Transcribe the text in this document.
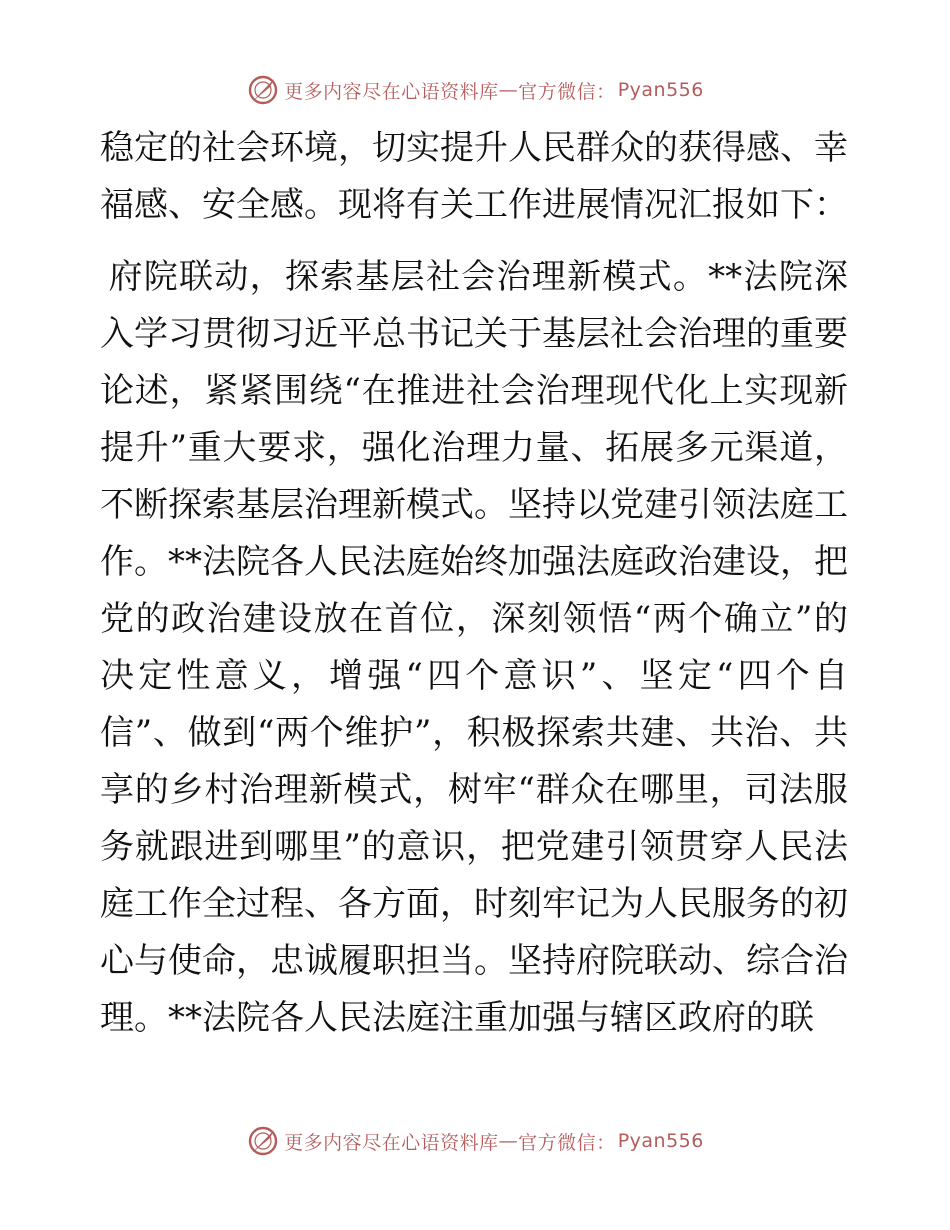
更多内容尽在心语资料库 — 官方微信： Pyan556

稳定的社会环境，切实提升人民群众的获得感、幸福感、安全感。现将有关工作进展情况汇报如下：

府院联动，探索基层社会治理新模式。**法院深入学习贯彻习近平总书记关于基层社会治理的重要论述，紧紧围绕“在推进社会治理现代化上实现新提升”重大要求，强化治理力量、拓展多元渠道，不断探索基层治理新模式。坚持以党建引领法庭工作。**法院各人民法庭始终加强法庭政治建设，把党的政治建设放在首位，深刻领悟“两个确立”的决定性意义，增强“四个意识”、坚定“四个自信”、做到“两个维护”，积极探索共建、共治、共享的乡村治理新模式，树牢“群众在哪里，司法服务就跟进到哪里”的意识，把党建引领贯穿人民法庭工作全过程、各方面，时刻牢记为人民服务的初心与使命，忠诚履职担当。坚持府院联动、综合治理。**法院各人民法庭注重加强与辖区政府的联

更多内容尽在心语资料库 — 官方微信： Pyan556
